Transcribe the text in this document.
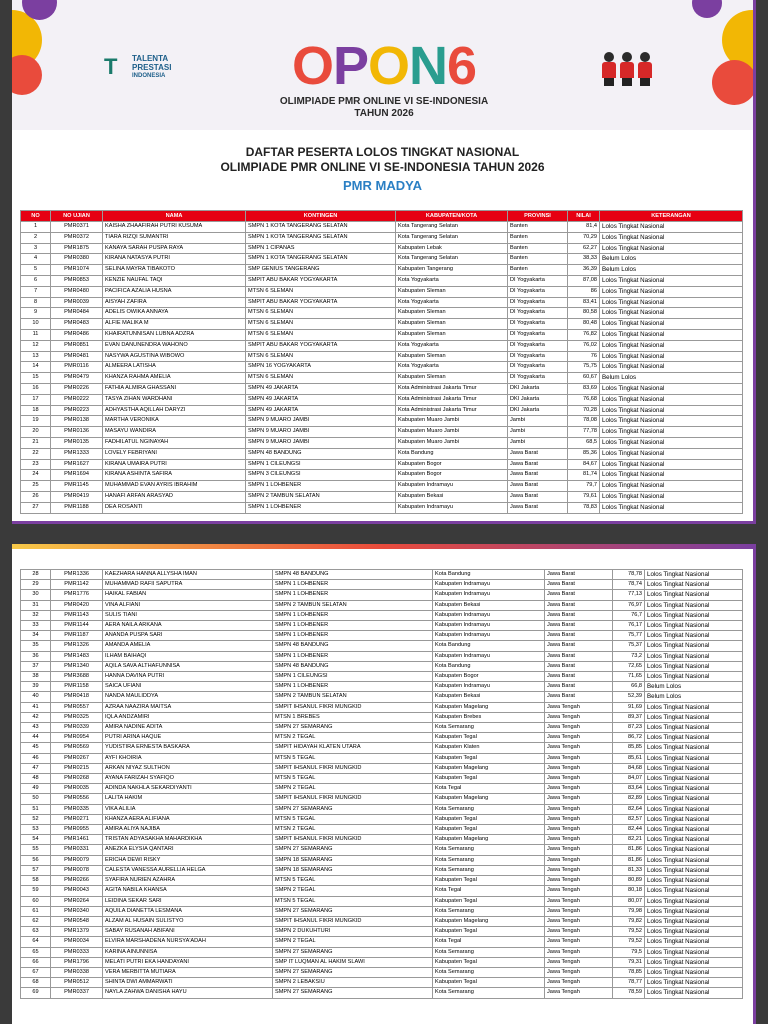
T TALENTA
PRESTASI
INDONESIA	OPON6
OLIMPIADE PMR ONLINE VI SE-INDONESIA
TAHUN 2026
DAFTAR PESERTA LOLOS TINGKAT NASIONAL
OLIMPIADE PMR ONLINE VI SE-INDONESIA TAHUN 2026
PMR MADYA
NO	NO UJIAN	NAMA	KONTINGEN	KABUPATEN/KOTA	PROVINSI	NILAI	KETERANGAN
1	PMR0371	KAISHA ZHAAFIRAH PUTRI KUSUMA	SMPN 1 KOTA TANGERANG SELATAN	Kota Tangerang Selatan	Banten	81,4	Lolos Tingkat Nasional
2	PMR0372	TIARA RIZQI SUMANTRI	SMPN 1 KOTA TANGERANG SELATAN	Kota Tangerang Selatan	Banten	70,29	Lolos Tingkat Nasional
3	PMR1875	KANAYA SARAH PUSPA RAYA	SMPN 1 CIPANAS	Kabupaten Lebak	Banten	62,27	Lolos Tingkat Nasional
4	PMR0380	KIRANA NATASYA PUTRI	SMPN 1 KOTA TANGERANG SELATAN	Kota Tangerang Selatan	Banten	38,33	Belum Lolos
5	PMR1074	SELINA MAYRA TIBAKOTO	SMP GENIUS TANGERANG	Kabupaten Tangerang	Banten	36,39	Belum Lolos
6	PMR0853	KENZIE NAUFAL TAQI	SMPIT ABU BAKAR YOGYAKARTA	Kota Yogyakarta	DI Yogyakarta	87,08	Lolos Tingkat Nasional
7	PMR0480	PACIFICA AZALIA HUSNA	MTSN 6 SLEMAN	Kabupaten Sleman	DI Yogyakarta	86	Lolos Tingkat Nasional
8	PMR0039	AISYAH ZAFIRA	SMPIT ABU BAKAR YOGYAKARTA	Kota Yogyakarta	DI Yogyakarta	83,41	Lolos Tingkat Nasional
9	PMR0484	ADELIS OWIKA ANNAYA	MTSN 6 SLEMAN	Kabupaten Sleman	DI Yogyakarta	80,58	Lolos Tingkat Nasional
10	PMR0483	ALFIE MALIKA M	MTSN 6 SLEMAN	Kabupaten Sleman	DI Yogyakarta	80,48	Lolos Tingkat Nasional
11	PMR0486	KHAIRATUNNISAN LUBNA ADZRA	MTSN 6 SLEMAN	Kabupaten Sleman	DI Yogyakarta	76,82	Lolos Tingkat Nasional
12	PMR0851	EVAN DANUNENDRA WAHONO	SMPIT ABU BAKAR YOGYAKARTA	Kota Yogyakarta	DI Yogyakarta	76,02	Lolos Tingkat Nasional
13	PMR0481	NASYWA AGUSTINA WIBOWO	MTSN 6 SLEMAN	Kabupaten Sleman	DI Yogyakarta	76	Lolos Tingkat Nasional
14	PMR0116	ALMEERA LATISHA	SMPN 16 YOGYAKARTA	Kota Yogyakarta	DI Yogyakarta	75,75	Lolos Tingkat Nasional
15	PMR0479	KHANZA RAHMA AMELIA	MTSN 6 SLEMAN	Kabupaten Sleman	DI Yogyakarta	60,67	Belum Lolos
16	PMR0226	FATHIA ALMIRA GHASSANI	SMPN 49 JAKARTA	Kota Administrasi Jakarta Timur	DKI Jakarta	83,69	Lolos Tingkat Nasional
17	PMR0222	TASYA ZIHAN WARDHANI	SMPN 49 JAKARTA	Kota Administrasi Jakarta Timur	DKI Jakarta	76,68	Lolos Tingkat Nasional
18	PMR0223	ADHYASTHA AQILLAH DARYZI	SMPN 49 JAKARTA	Kota Administrasi Jakarta Timur	DKI Jakarta	70,28	Lolos Tingkat Nasional
19	PMR0138	MARTHA VERONIKA	SMPN 9 MUARO JAMBI	Kabupaten Muaro Jambi	Jambi	78,08	Lolos Tingkat Nasional
20	PMR0136	MASAYU WANDIRA	SMPN 9 MUARO JAMBI	Kabupaten Muaro Jambi	Jambi	77,78	Lolos Tingkat Nasional
21	PMR0135	FADHILATUL NGINAYAH	SMPN 9 MUARO JAMBI	Kabupaten Muaro Jambi	Jambi	68,5	Lolos Tingkat Nasional
22	PMR1333	LOVELY FEBRIYANI	SMPN 48 BANDUNG	Kota Bandung	Jawa Barat	85,36	Lolos Tingkat Nasional
23	PMR1627	KIRANA UMAIRA PUTRI	SMPN 1 CILEUNGSI	Kabupaten Bogor	Jawa Barat	84,67	Lolos Tingkat Nasional
24	PMR1694	KIRANA ASHINTA SAFIRA	SMPN 3 CILEUNGSI	Kabupaten Bogor	Jawa Barat	81,74	Lolos Tingkat Nasional
25	PMR1145	MUHAMMAD EVAN AYRIS IBRAHIM	SMPN 1 LOHBENER	Kabupaten Indramayu	Jawa Barat	79,7	Lolos Tingkat Nasional
26	PMR0419	HANAFI ARFAN ARASYAD	SMPN 2 TAMBUN SELATAN	Kabupaten Bekasi	Jawa Barat	79,61	Lolos Tingkat Nasional
27	PMR1188	DEA ROSANTI	SMPN 1 LOHBENER	Kabupaten Indramayu	Jawa Barat	78,83	Lolos Tingkat Nasional
28	PMR1336	KAEZHARA HANNA ALLYSHA IMAN	SMPN 48 BANDUNG	Kota Bandung	Jawa Barat	78,78	Lolos Tingkat Nasional
29	PMR1142	MUHAMMAD RAFII SAPUTRA	SMPN 1 LOHBENER	Kabupaten Indramayu	Jawa Barat	78,74	Lolos Tingkat Nasional
30	PMR1776	HAIKAL FABIAN	SMPN 1 LOHBENER	Kabupaten Indramayu	Jawa Barat	77,13	Lolos Tingkat Nasional
31	PMR0420	VINA ALFIANI	SMPN 2 TAMBUN SELATAN	Kabupaten Bekasi	Jawa Barat	76,97	Lolos Tingkat Nasional
32	PMR1143	SULIS TIANI	SMPN 1 LOHBENER	Kabupaten Indramayu	Jawa Barat	76,7	Lolos Tingkat Nasional
33	PMR1144	AERA NAILA ARKANA	SMPN 1 LOHBENER	Kabupaten Indramayu	Jawa Barat	76,17	Lolos Tingkat Nasional
34	PMR1187	ANANDA PUSPA SARI	SMPN 1 LOHBENER	Kabupaten Indramayu	Jawa Barat	75,77	Lolos Tingkat Nasional
35	PMR1326	AMANDA AMELIA	SMPN 48 BANDUNG	Kota Bandung	Jawa Barat	75,37	Lolos Tingkat Nasional
36	PMR1483	ILHAM BAIHAQI	SMPN 1 LOHBENER	Kabupaten Indramayu	Jawa Barat	73,2	Lolos Tingkat Nasional
37	PMR1340	AQILA SAVA ALTHAFUNNISA	SMPN 48 BANDUNG	Kota Bandung	Jawa Barat	72,65	Lolos Tingkat Nasional
38	PMR3688	HANNA DAVINA PUTRI	SMPN 1 CILEUNGSI	Kabupaten Bogor	Jawa Barat	71,65	Lolos Tingkat Nasional
39	PMR1158	SAICA UFIANI	SMPN 1 LOHBENER	Kabupaten Indramayu	Jawa Barat	66,8	Belum Lolos
40	PMR0418	NANDA MAULIDDYA	SMPN 2 TAMBUN SELATAN	Kabupaten Bekasi	Jawa Barat	52,39	Belum Lolos
41	PMR0557	AZRAA NAAZIRA MAITSA	SMPIT IHSANUL FIKRI MUNGKID	Kabupaten Magelang	Jawa Tengah	91,69	Lolos Tingkat Nasional
42	PMR0325	IQLA ANDZAMIRI	MTSN 1 BREBES	Kabupaten Brebes	Jawa Tengah	89,37	Lolos Tingkat Nasional
43	PMR0339	AMIRA NADINE ADITA	SMPN 27 SEMARANG	Kota Semarang	Jawa Tengah	87,23	Lolos Tingkat Nasional
44	PMR0954	PUTRI ARINA HAQUE	MTSN 2 TEGAL	Kabupaten Tegal	Jawa Tengah	86,72	Lolos Tingkat Nasional
45	PMR0569	YUDISTIRA ERNESTA BASKARA	SMPIT HIDAYAH KLATEN UTARA	Kabupaten Klaten	Jawa Tengah	85,85	Lolos Tingkat Nasional
46	PMR0267	AYFI KHOIRIA	MTSN 5 TEGAL	Kabupaten Tegal	Jawa Tengah	85,61	Lolos Tingkat Nasional
47	PMR0215	ARKAN NIYAZ SULTHON	SMPIT IHSANUL FIKRI MUNGKID	Kabupaten Magelang	Jawa Tengah	84,68	Lolos Tingkat Nasional
48	PMR0268	AYANA FARIZAH SYAFIQO	MTSN 5 TEGAL	Kabupaten Tegal	Jawa Tengah	84,07	Lolos Tingkat Nasional
49	PMR0035	ADINDA NAKHLA SEKARDIYANTI	SMPN 2 TEGAL	Kota Tegal	Jawa Tengah	83,64	Lolos Tingkat Nasional
50	PMR0556	LALITA HAKIM	SMPIT IHSANUL FIKRI MUNGKID	Kabupaten Magelang	Jawa Tengah	82,89	Lolos Tingkat Nasional
51	PMR0335	VIKA ALILIA	SMPN 27 SEMARANG	Kota Semarang	Jawa Tengah	82,64	Lolos Tingkat Nasional
52	PMR0271	KHANZA AERA ALIFIANA	MTSN 5 TEGAL	Kabupaten Tegal	Jawa Tengah	82,57	Lolos Tingkat Nasional
53	PMR0955	AMIRA ALIYA NAJIBA	MTSN 2 TEGAL	Kabupaten Tegal	Jawa Tengah	82,44	Lolos Tingkat Nasional
54	PMR1461	TRISTAN ADYASAKHA MAHARDIKHA	SMPIT IHSANUL FIKRI MUNGKID	Kabupaten Magelang	Jawa Tengah	82,21	Lolos Tingkat Nasional
55	PMR0331	ANEZKA ELYSIA QANTARI	SMPN 27 SEMARANG	Kota Semarang	Jawa Tengah	81,86	Lolos Tingkat Nasional
56	PMR0079	ERICHA DEWI RISKY	SMPN 18 SEMARANG	Kota Semarang	Jawa Tengah	81,86	Lolos Tingkat Nasional
57	PMR0078	CALESTA VANESSA AURELLIA HELGA	SMPN 18 SEMARANG	Kota Semarang	Jawa Tengah	81,33	Lolos Tingkat Nasional
58	PMR0266	SYAFIRA NURIEN AZAHRA	MTSN 5 TEGAL	Kabupaten Tegal	Jawa Tengah	80,89	Lolos Tingkat Nasional
59	PMR0043	AGITA NABILA KHANSA	SMPN 2 TEGAL	Kota Tegal	Jawa Tengah	80,18	Lolos Tingkat Nasional
60	PMR0264	LEIDINA SEKAR SARI	MTSN 5 TEGAL	Kabupaten Tegal	Jawa Tengah	80,07	Lolos Tingkat Nasional
61	PMR0340	AQUILA DIANETTA LESMANA	SMPN 27 SEMARANG	Kota Semarang	Jawa Tengah	79,98	Lolos Tingkat Nasional
62	PMR0548	ALZAM AL HUSAIN SULISTYO	SMPIT IHSANUL FIKRI MUNGKID	Kabupaten Magelang	Jawa Tengah	79,82	Lolos Tingkat Nasional
63	PMR1379	SABAY RUSANAH ABIFANI	SMPN 2 DUKUHTURI	Kabupaten Tegal	Jawa Tengah	79,52	Lolos Tingkat Nasional
64	PMR0034	ELVIRA MARSHADENA NURSYA'ADAH	SMPN 2 TEGAL	Kota Tegal	Jawa Tengah	79,52	Lolos Tingkat Nasional
65	PMR0333	KARINA AINUNNISA	SMPN 27 SEMARANG	Kota Semarang	Jawa Tengah	79,5	Lolos Tingkat Nasional
66	PMR1796	MELATI PUTRI EKA HANDAYANI	SMP IT LUQMAN AL HAKIM SLAWI	Kabupaten Tegal	Jawa Tengah	79,31	Lolos Tingkat Nasional
67	PMR0338	VERA MERBITTA MUTIARA	SMPN 27 SEMARANG	Kota Semarang	Jawa Tengah	78,85	Lolos Tingkat Nasional
68	PMR0512	SHINTA DWI AMMARWATI	SMPN 2 LEBAKSIU	Kabupaten Tegal	Jawa Tengah	78,77	Lolos Tingkat Nasional
69	PMR0337	NAYLA ZAHWA DANISHA HAYU	SMPN 27 SEMARANG	Kota Semarang	Jawa Tengah	78,59	Lolos Tingkat Nasional
